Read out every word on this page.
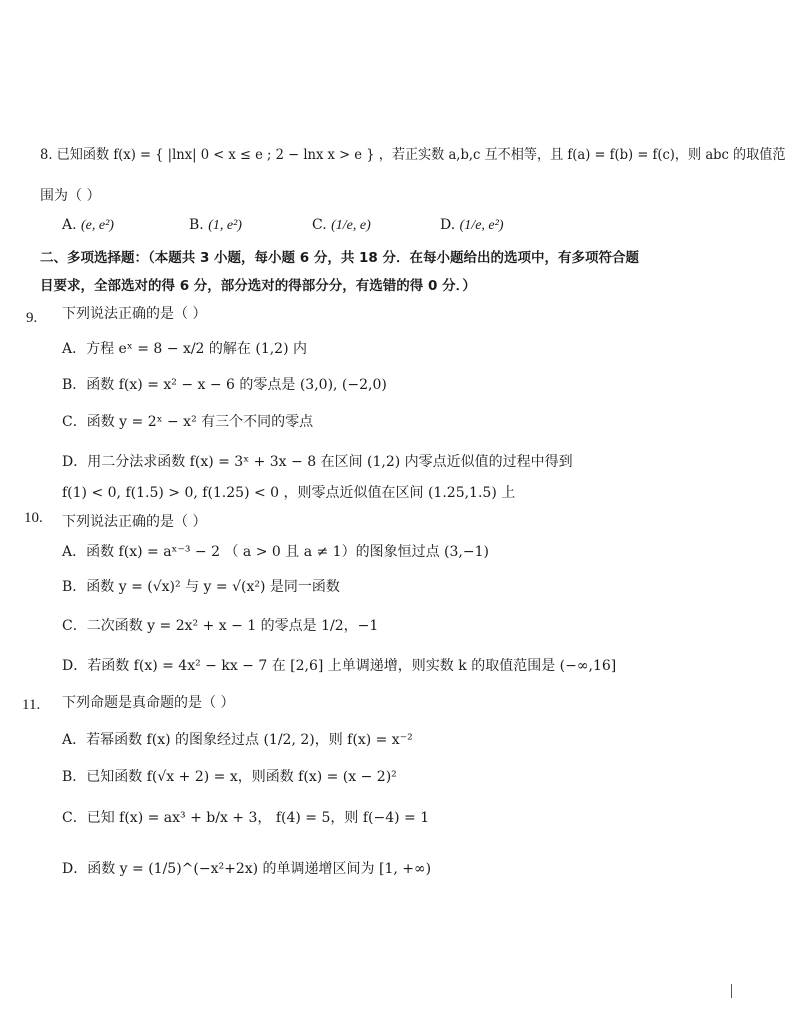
8. 已知函数 f(x) = { |lnx| 0 < x ≤ e ; 2 − lnx x > e } ，若正实数 a,b,c 互不相等，且 f(a) = f(b) = f(c)，则 abc 的取值范
围为（ ）
A. (e, e²)	B. (1, e²)	C. (1/e, e)	D. (1/e, e²)
二、多项选择题：（本题共 3 小题，每小题 6 分，共 18 分．在每小题给出的选项中，有多项符合题
目要求，全部选对的得 6 分，部分选对的得部分分，有选错的得 0 分．）
9. 下列说法正确的是（ ）
A．方程 eˣ = 8 − x/2 的解在 (1,2) 内
B．函数 f(x) = x² − x − 6 的零点是 (3,0), (−2,0)
C．函数 y = 2ˣ − x² 有三个不同的零点
D．用二分法求函数 f(x) = 3ˣ + 3x − 8 在区间 (1,2) 内零点近似值的过程中得到
f(1) < 0, f(1.5) > 0, f(1.25) < 0 ，则零点近似值在区间 (1.25,1.5) 上
10. 下列说法正确的是（ ）
A．函数 f(x) = aˣ⁻³ − 2 （ a > 0 且 a ≠ 1）的图象恒过点 (3,−1)
B．函数 y = (√x)² 与 y = √(x²) 是同一函数
C．二次函数 y = 2x² + x − 1 的零点是 1/2，−1
D．若函数 f(x) = 4x² − kx − 7 在 [2,6] 上单调递增，则实数 k 的取值范围是 (−∞,16]
11. 下列命题是真命题的是（ ）
A．若幂函数 f(x) 的图象经过点 (1/2, 2)，则 f(x) = x⁻²
B．已知函数 f(√x + 2) = x，则函数 f(x) = (x − 2)²
C．已知 f(x) = ax³ + b/x + 3， f(4) = 5，则 f(−4) = 1
D．函数 y = (1/5)^(−x²+2x) 的单调递增区间为 [1, +∞)
